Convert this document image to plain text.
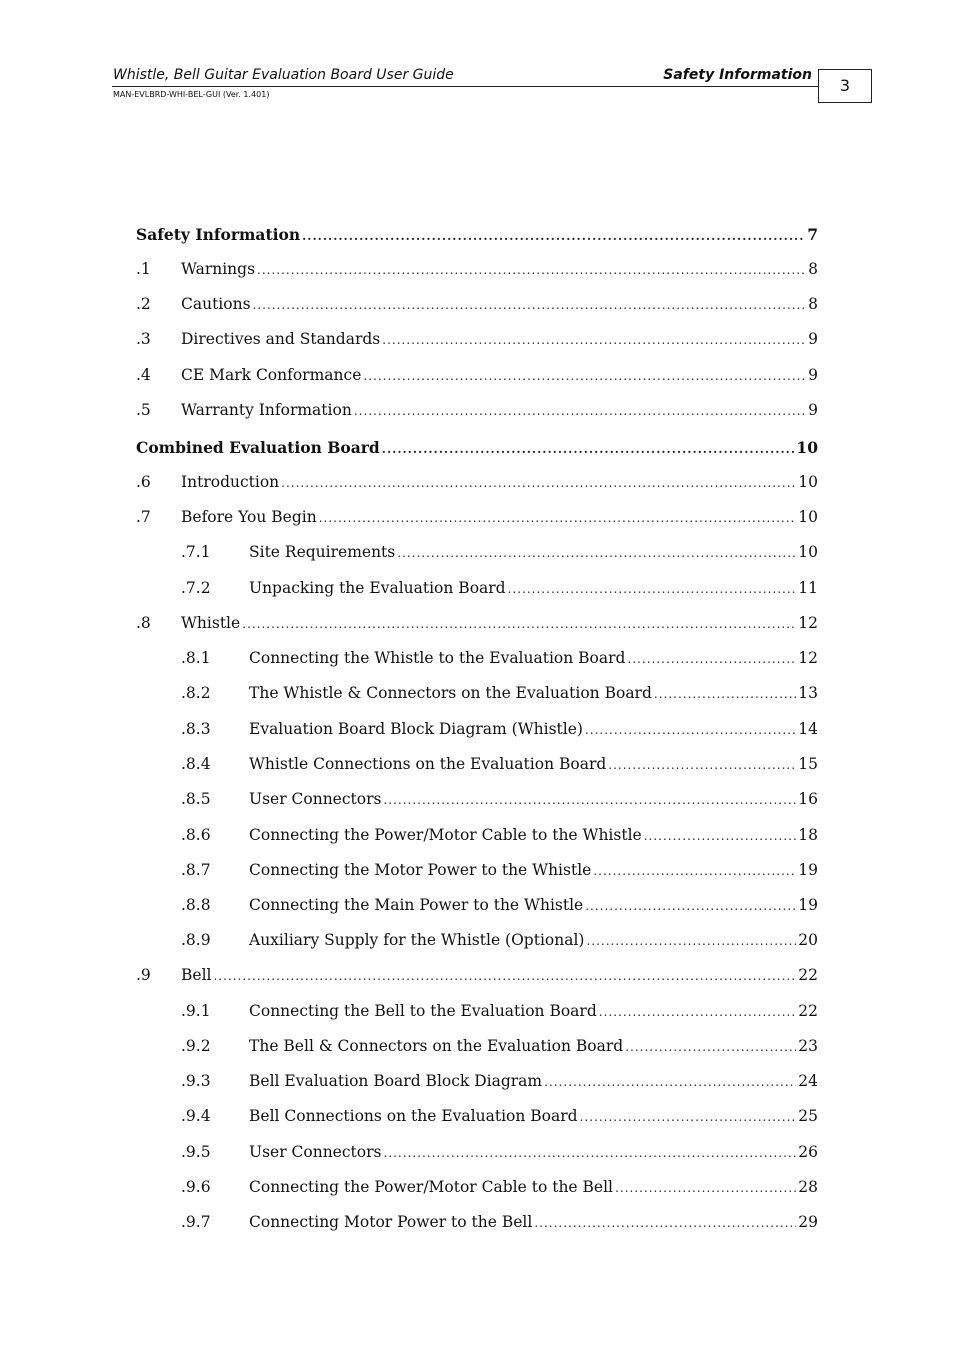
Whistle, Bell Guitar Evaluation Board User Guide	Safety Information
MAN-EVLBRD-WHI-BEL-GUI (Ver. 1.401)	3
Safety Information .....	7
.1	Warnings .....	8
.2	Cautions .....	8
.3	Directives and Standards .....	9
.4	CE Mark Conformance .....	9
.5	Warranty Information .....	9
Combined Evaluation Board .....	10
.6	Introduction .....	10
.7	Before You Begin .....	10
.7.1	Site Requirements .....	10
.7.2	Unpacking the Evaluation Board .....	11
.8	Whistle .....	12
.8.1	Connecting the Whistle to the Evaluation Board .....	12
.8.2	The Whistle & Connectors on the Evaluation Board .....	13
.8.3	Evaluation Board Block Diagram (Whistle) .....	14
.8.4	Whistle Connections on the Evaluation Board .....	15
.8.5	User Connectors .....	16
.8.6	Connecting the Power/Motor Cable to the Whistle .....	18
.8.7	Connecting the Motor Power to the Whistle .....	19
.8.8	Connecting the Main Power to the Whistle .....	19
.8.9	Auxiliary Supply for the Whistle (Optional) .....	20
.9	Bell .....	22
.9.1	Connecting the Bell to the Evaluation Board .....	22
.9.2	The Bell & Connectors on the Evaluation Board .....	23
.9.3	Bell Evaluation Board Block Diagram .....	24
.9.4	Bell Connections on the Evaluation Board .....	25
.9.5	User Connectors .....	26
.9.6	Connecting the Power/Motor Cable to the Bell .....	28
.9.7	Connecting Motor Power to the Bell .....	29
